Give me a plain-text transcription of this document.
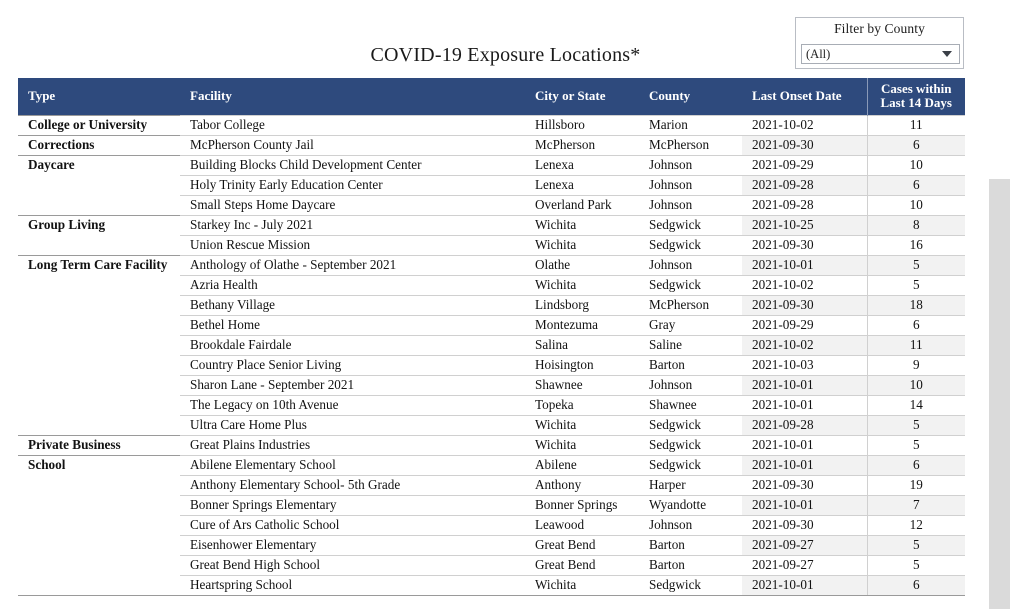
Filter by County
(All)
COVID-19 Exposure Locations*
Type	Facility	City or State	County	Last Onset Date	Cases within
Last 14 Days
College or University	Tabor College	Hillsboro	Marion	2021-10-02	11
Corrections	McPherson County Jail	McPherson	McPherson	2021-09-30	6
Daycare	Building Blocks Child Development Center	Lenexa	Johnson	2021-09-29	10
	Holy Trinity Early Education Center	Lenexa	Johnson	2021-09-28	6
	Small Steps Home Daycare	Overland Park	Johnson	2021-09-28	10
Group Living	Starkey Inc - July 2021	Wichita	Sedgwick	2021-10-25	8
	Union Rescue Mission	Wichita	Sedgwick	2021-09-30	16
Long Term Care Facility	Anthology of Olathe - September 2021	Olathe	Johnson	2021-10-01	5
	Azria Health	Wichita	Sedgwick	2021-10-02	5
	Bethany Village	Lindsborg	McPherson	2021-09-30	18
	Bethel Home	Montezuma	Gray	2021-09-29	6
	Brookdale Fairdale	Salina	Saline	2021-10-02	11
	Country Place Senior Living	Hoisington	Barton	2021-10-03	9
	Sharon Lane - September 2021	Shawnee	Johnson	2021-10-01	10
	The Legacy on 10th Avenue	Topeka	Shawnee	2021-10-01	14
	Ultra Care Home Plus	Wichita	Sedgwick	2021-09-28	5
Private Business	Great Plains Industries	Wichita	Sedgwick	2021-10-01	5
School	Abilene Elementary School	Abilene	Sedgwick	2021-10-01	6
	Anthony Elementary School- 5th Grade	Anthony	Harper	2021-09-30	19
	Bonner Springs Elementary	Bonner Springs	Wyandotte	2021-10-01	7
	Cure of Ars Catholic School	Leawood	Johnson	2021-09-30	12
	Eisenhower Elementary	Great Bend	Barton	2021-09-27	5
	Great Bend High School	Great Bend	Barton	2021-09-27	5
	Heartspring School	Wichita	Sedgwick	2021-10-01	6
